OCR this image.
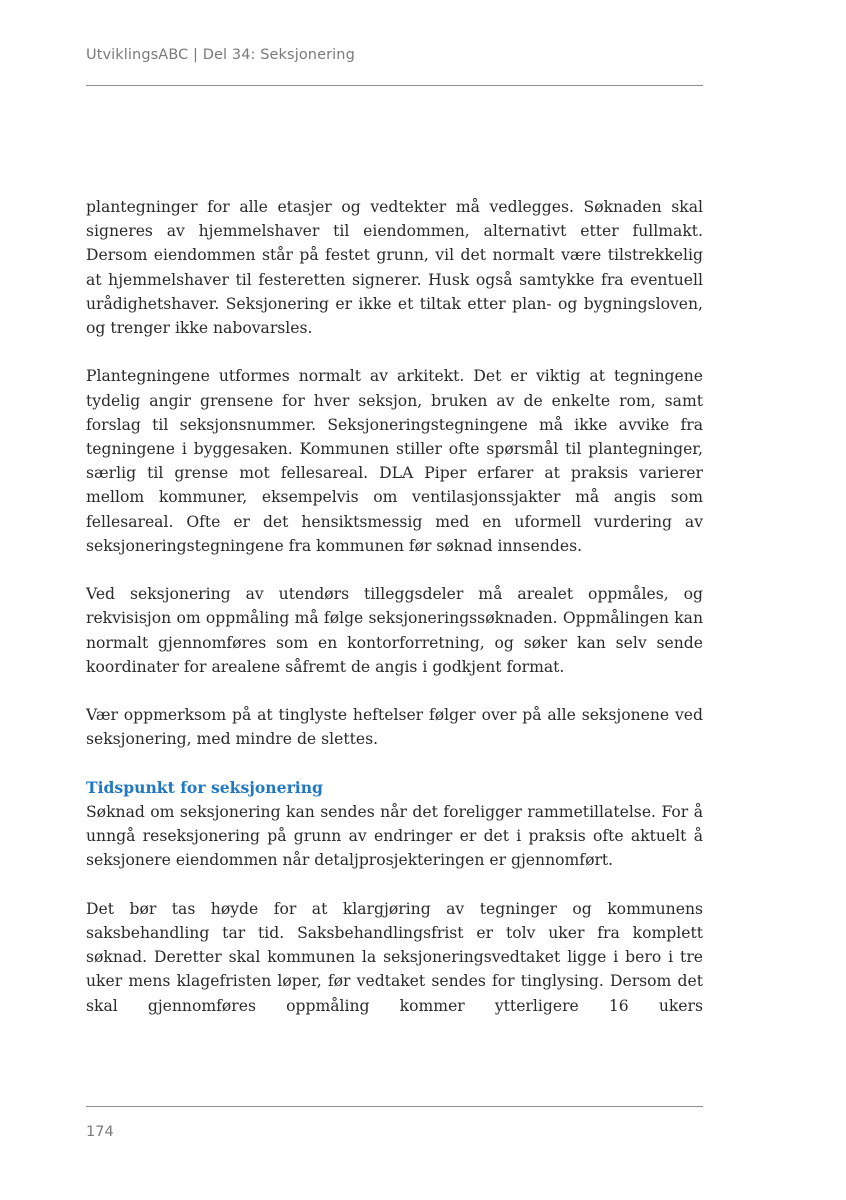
UtviklingsABC | Del 34: Seksjonering

plantegninger for alle etasjer og vedtekter må vedlegges. Søknaden skal signeres av hjemmelshaver til eiendommen, alternativt etter fullmakt. Dersom eiendommen står på festet grunn, vil det normalt være tilstrekkelig at hjemmelshaver til festeretten signerer. Husk også samtykke fra eventuell urådighetshaver. Seksjonering er ikke et tiltak etter plan- og bygningsloven, og trenger ikke nabovarsles.

Plantegningene utformes normalt av arkitekt. Det er viktig at tegningene tydelig angir grensene for hver seksjon, bruken av de enkelte rom, samt forslag til seksjonsnummer. Seksjoneringstegningene må ikke avvike fra tegningene i byggesaken. Kommunen stiller ofte spørsmål til plantegninger, særlig til grense mot fellesareal. DLA Piper erfarer at praksis varierer mellom kommuner, eksempelvis om ventilasjonssjakter må angis som fellesareal. Ofte er det hensiktsmessig med en uformell vurdering av seksjoneringstegningene fra kommunen før søknad innsendes.

Ved seksjonering av utendørs tilleggsdeler må arealet oppmåles, og rekvisisjon om oppmåling må følge seksjoneringssøknaden. Oppmålingen kan normalt gjennomføres som en kontorforretning, og søker kan selv sende koordinater for arealene såfremt de angis i godkjent format.

Vær oppmerksom på at tinglyste heftelser følger over på alle seksjonene ved seksjonering, med mindre de slettes.

Tidspunkt for seksjonering

Søknad om seksjonering kan sendes når det foreligger rammetillatelse. For å unngå reseksjonering på grunn av endringer er det i praksis ofte aktuelt å seksjonere eiendommen når detaljprosjekteringen er gjennomført.

Det bør tas høyde for at klargjøring av tegninger og kommunens saksbehandling tar tid. Saksbehandlingsfrist er tolv uker fra komplett søknad. Deretter skal kommunen la seksjoneringsvedtaket ligge i bero i tre uker mens klagefristen løper, før vedtaket sendes for tinglysing. Dersom det skal gjennomføres oppmåling kommer ytterligere 16 ukers

174
